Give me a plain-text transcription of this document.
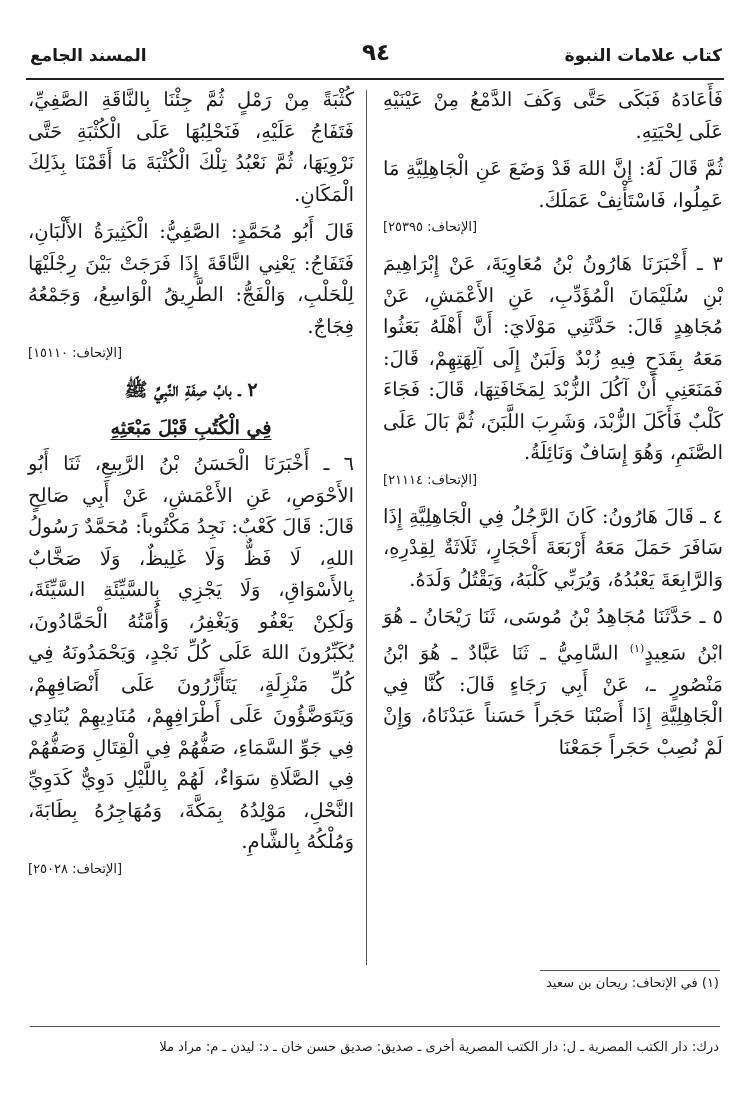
كتاب علامات النبوة
٩٤
المسند الجامع

فَأَعَادَهُ فَبَكَى حَتَّى وَكَفَ الدَّمْعُ مِنْ عَيْنَيْهِ عَلَى لِحْيَتِهِ.

ثُمَّ قَالَ لَهُ: إِنَّ اللهَ قَدْ وَضَعَ عَنِ الْجَاهِلِيَّةِ مَا عَمِلُوا، فَاسْتَأْنِفْ عَمَلَكَ.

[الإتحاف: ٢٥٣٩٥]

٣ ـ أَخْبَرَنَا هَارُونُ بْنُ مُعَاوِيَةَ، عَنْ إِبْرَاهِيمَ بْنِ سُلَيْمَانَ الْمُؤَدِّبِ، عَنِ الأَعْمَشِ، عَنْ مُجَاهِدٍ قَالَ: حَدَّثَنِي مَوْلَايَ: أَنَّ أَهْلَهُ بَعَثُوا مَعَهُ بِقَدَحٍ فِيهِ زُبْدٌ وَلَبَنٌ إِلَى آلِهَتِهِمْ، قَالَ: فَمَنَعَنِي أَنْ آكُلَ الزُّبْدَ لِمَخَافَتِهَا، قَالَ: فَجَاءَ كَلْبٌ فَأَكَلَ الزُّبْدَ، وَشَرِبَ اللَّبَنَ، ثُمَّ بَالَ عَلَى الصَّنَمِ، وَهُوَ إِسَافٌ وَنَائِلَةُ.

[الإتحاف: ٢١١١٤]

٤ ـ قَالَ هَارُونُ: كَانَ الرَّجُلُ فِي الْجَاهِلِيَّةِ إِذَا سَافَرَ حَمَلَ مَعَهُ أَرْبَعَةَ أَحْجَارٍ، ثَلَاثَةٌ لِقِدْرِهِ، وَالرَّابِعَةَ يَعْبُدُهُ، وَيُرَبِّي كَلْبَهُ، وَيَقْتُلُ وَلَدَهُ.

٥ ـ حَدَّثَنَا مُجَاهِدُ بْنُ مُوسَى، ثَنَا رَيْحَانُ ـ هُوَ ابْنُ سَعِيدٍ$^{(١)}$ السَّامِيُّ ـ ثَنَا عَبَّادٌ ـ هُوَ ابْنُ مَنْصُورٍ ـ، عَنْ أَبِي رَجَاءٍ قَالَ: كُنَّا فِي الْجَاهِلِيَّةِ إِذَا أَصَبْنَا حَجَراً حَسَناً عَبَدْنَاهُ، وَإِنْ لَمْ نُصِبْ حَجَراً جَمَعْنَا

كُثْبَةً مِنْ رَمْلٍ ثُمَّ جِئْنَا بِالنَّاقَةِ الصَّفِيِّ، فَتَفَاجُ عَلَيْهِ، فَنَحْلِبُهَا عَلَى الْكُثْبَةِ حَتَّى نَرْوِيَهَا، ثُمَّ نَعْبُدُ تِلْكَ الْكُثْبَةَ مَا أَقَمْنَا بِذَلِكَ الْمَكَانِ.

قَالَ أَبُو مُحَمَّدٍ: الصَّفِيُّ: الْكَثِيرَةُ الأَلْبَانِ، فَتَفَاجُ: يَعْنِي النَّاقَةَ إِذَا فَرَجَتْ بَيْنَ رِجْلَيْهَا لِلْحَلْبِ، وَالْفَجُّ: الطَّرِيقُ الْوَاسِعُ، وَجَمْعُهُ فِجَاجٌ.

[الإتحاف: ١٥١١٠]
٢ ـ بابُ صِفَةِ النَّبِيِّ ﷺ
فِي الْكُتُبِ قَبْلَ مَبْعَثِهِ

٦ ـ أَخْبَرَنَا الْحَسَنُ بْنُ الرَّبِيعِ، ثَنَا أَبُو الأَحْوَصِ، عَنِ الأَعْمَشِ، عَنْ أَبِي صَالِحٍ قَالَ: قَالَ كَعْبٌ: نَجِدُ مَكْتُوباً: مُحَمَّدٌ رَسُولُ اللهِ، لَا فَظٌّ وَلَا غَلِيظٌ، وَلَا صَخَّابٌ بِالأَسْوَاقِ، وَلَا يَجْزِي بِالسَّيِّئَةِ السَّيِّئَةَ، وَلَكِنْ يَعْفُو وَيَغْفِرُ، وَأُمَّتُهُ الْحَمَّادُونَ، يُكَبِّرُونَ اللهَ عَلَى كُلِّ نَجْدٍ، وَيَحْمَدُونَهُ فِي كُلِّ مَنْزِلَةٍ، يَتَأَزَّرُونَ عَلَى أَنْصَافِهِمْ، وَيَتَوَضَّؤُونَ عَلَى أَطْرَافِهِمْ، مُنَادِيهِمْ يُنَادِي فِي جَوِّ السَّمَاءِ، صَفُّهُمْ فِي الْقِتَالِ وَصَفُّهُمْ فِي الصَّلَاةِ سَوَاءٌ، لَهُمْ بِاللَّيْلِ دَوِيٌّ كَدَوِيِّ النَّحْلِ، مَوْلِدُهُ بِمَكَّةَ، وَمُهَاجِرُهُ بِطَابَةَ، وَمُلْكُهُ بِالشَّامِ.

[الإتحاف: ٢٥٠٢٨]
(١) في الإتحاف: ريحان بن سعيد
درك: دار الكتب المصرية ـ ل: دار الكتب المصرية أخرى ـ صديق: صديق حسن خان ـ د: ليدن ـ م: مراد ملا
